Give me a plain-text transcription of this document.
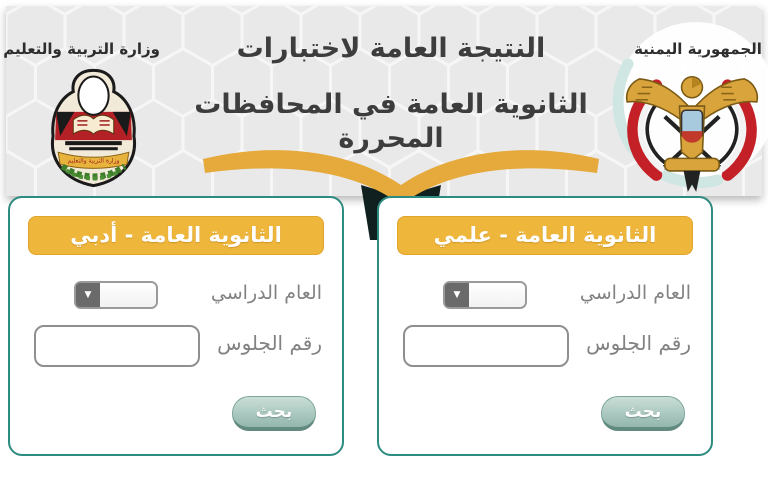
وزارة التربية والتعليم	الجمهورية اليمنية
النتيجة العامة لاختبارات
الثانوية العامة في المحافظات المحررة
وزارة التربية والتعليم
الثانوية العامة - أدبي
العام الدراسي
▼
رقم الجلوس
بحث
الثانوية العامة - علمي
العام الدراسي
▼
رقم الجلوس
بحث
